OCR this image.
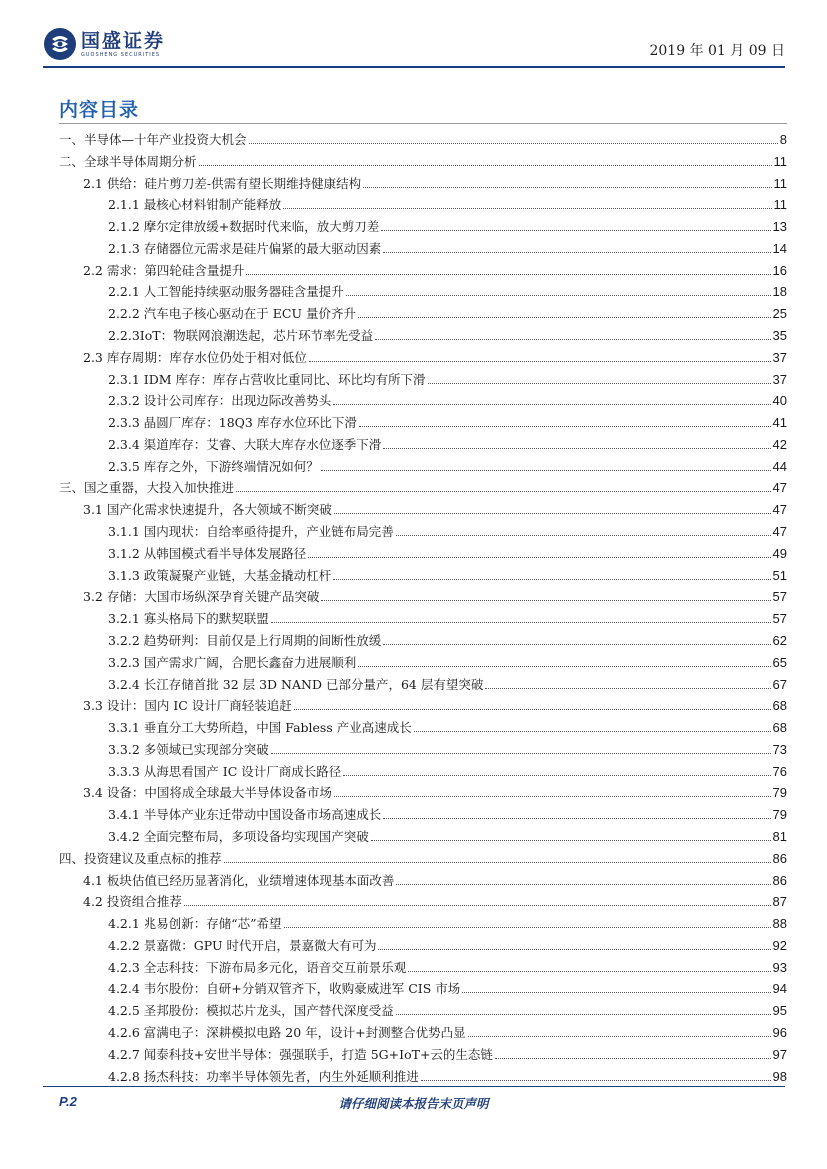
国盛证券
GUOSHENG SECURITIES	2019 年 01 月 09 日
内容目录
一、半导体—十年产业投资大机会	8
二、全球半导体周期分析	11
2.1 供给：硅片剪刀差-供需有望长期维持健康结构	11
2.1.1 最核心材料钳制产能释放	11
2.1.2 摩尔定律放缓+数据时代来临，放大剪刀差	13
2.1.3 存储器位元需求是硅片偏紧的最大驱动因素	14
2.2 需求：第四轮硅含量提升	16
2.2.1 人工智能持续驱动服务器硅含量提升	18
2.2.2 汽车电子核心驱动在于 ECU 量价齐升	25
2.2.3IoT：物联网浪潮迭起，芯片环节率先受益	35
2.3 库存周期：库存水位仍处于相对低位	37
2.3.1 IDM 库存：库存占营收比重同比、环比均有所下滑	37
2.3.2 设计公司库存：出现边际改善势头	40
2.3.3 晶圆厂库存：18Q3 库存水位环比下滑	41
2.3.4 渠道库存：艾睿、大联大库存水位逐季下滑	42
2.3.5 库存之外，下游终端情况如何？	44
三、国之重器，大投入加快推进	47
3.1 国产化需求快速提升，各大领域不断突破	47
3.1.1 国内现状：自给率亟待提升，产业链布局完善	47
3.1.2 从韩国模式看半导体发展路径	49
3.1.3 政策凝聚产业链，大基金撬动杠杆	51
3.2 存储：大国市场纵深孕育关键产品突破	57
3.2.1 寡头格局下的默契联盟	57
3.2.2 趋势研判：目前仅是上行周期的间断性放缓	62
3.2.3 国产需求广阔，合肥长鑫奋力进展顺利	65
3.2.4 长江存储首批 32 层 3D NAND 已部分量产，64 层有望突破	67
3.3 设计：国内 IC 设计厂商轻装追赶	68
3.3.1 垂直分工大势所趋，中国 Fabless 产业高速成长	68
3.3.2 多领域已实现部分突破	73
3.3.3 从海思看国产 IC 设计厂商成长路径	76
3.4 设备：中国将成全球最大半导体设备市场	79
3.4.1 半导体产业东迁带动中国设备市场高速成长	79
3.4.2 全面完整布局，多项设备均实现国产突破	81
四、投资建议及重点标的推荐	86
4.1 板块估值已经历显著消化，业绩增速体现基本面改善	86
4.2 投资组合推荐	87
4.2.1 兆易创新：存储“芯”希望	88
4.2.2 景嘉微：GPU 时代开启，景嘉微大有可为	92
4.2.3 全志科技：下游布局多元化，语音交互前景乐观	93
4.2.4 韦尔股份：自研+分销双管齐下，收购豪威进军 CIS 市场	94
4.2.5 圣邦股份：模拟芯片龙头，国产替代深度受益	95
4.2.6 富满电子：深耕模拟电路 20 年，设计+封测整合优势凸显	96
4.2.7 闻泰科技+安世半导体：强强联手，打造 5G+IoT+云的生态链	97
4.2.8 扬杰科技：功率半导体领先者，内生外延顺利推进	98
P.2	请仔细阅读本报告末页声明
